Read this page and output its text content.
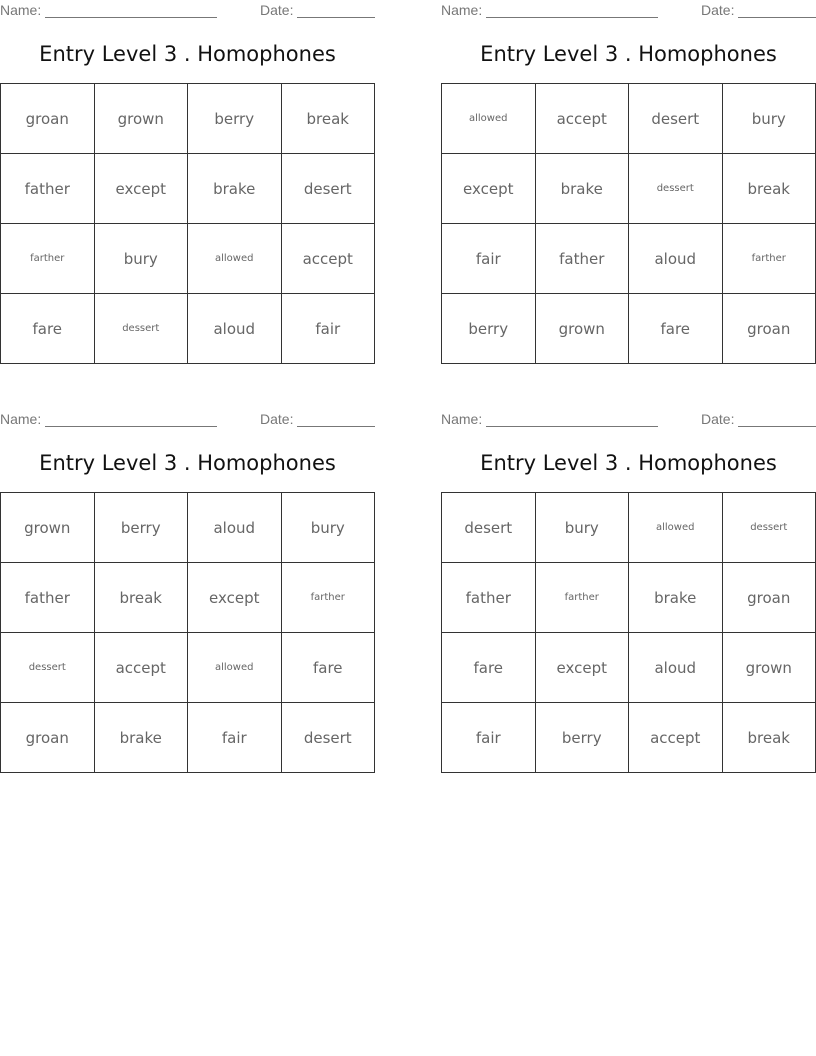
Name:	Date:
Entry Level 3 . Homophones
groan	grown	berry	break
father	except	brake	desert
farther	bury	allowed	accept
fare	dessert	aloud	fair
Name:	Date:
Entry Level 3 . Homophones
allowed	accept	desert	bury
except	brake	dessert	break
fair	father	aloud	farther
berry	grown	fare	groan
Name:	Date:
Entry Level 3 . Homophones
grown	berry	aloud	bury
father	break	except	farther
dessert	accept	allowed	fare
groan	brake	fair	desert
Name:	Date:
Entry Level 3 . Homophones
desert	bury	allowed	dessert
father	farther	brake	groan
fare	except	aloud	grown
fair	berry	accept	break
